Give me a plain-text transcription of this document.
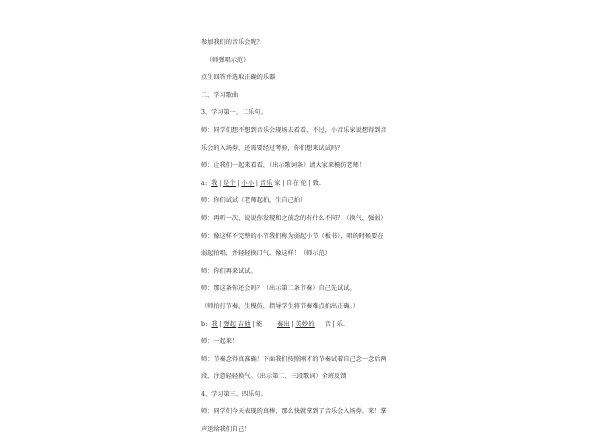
参加我们的音乐会呢？
（师弹唱示范）
点生回答并选取正确的乐器
二、学习歌曲
3、学习第一、二乐句。
师：同学们想不想到音乐会现场去看看，不过，小音乐家说想得到音
乐会的入场券，还需要经过考验，你们想来试试吗？
师：让我们一起来看看，（出示歌词条）请大家来模仿老师！
a: 我 | 是个 | 小小 | 音乐 家 | 自在 伦 | 敦.
师：你们试试（老师起拍，生自己拍）
师：再听一次，说说你发现和之前念的有什么不同？（换气、强弱）
师：像这样不完整的小节我们称为弱起小节（板书），唱的时候要在
弱起拍唱，并轻轻换口气，像这样！（师示范）
师：你们再来试试。
师：那这条你还会吗？（出示第二条节奏）自己先试试。
（师拍打节奏，生模仿，指导学生将节奏难点拍出正确。）
b: 我 | 弹起 吉他 | 能 奏出 | 美妙的 音 | 乐.
师：一起来！
师：节奏念得真准确！下面我们按照刚才的节奏试着自己念一念后两
段，注意轻轻换气。（出示第二、三段歌词）全班反馈
4、学习第三、四乐句。
师：同学们今天表现的真棒，那么快就拿到了音乐会入场券，来！掌
声送给我们自己！
